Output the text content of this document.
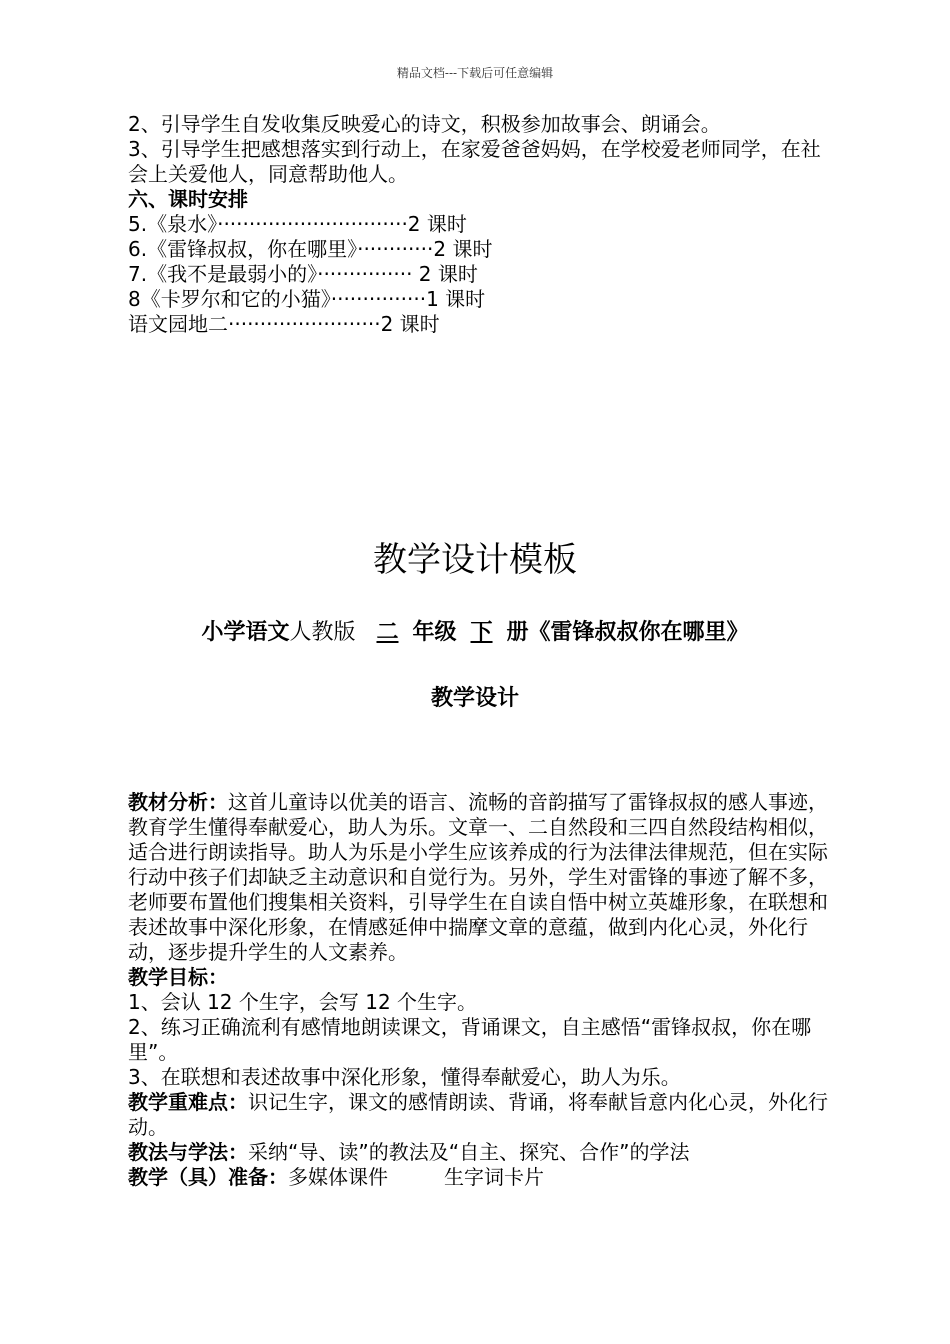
精品文档---下载后可任意编辑

2、引导学生自发收集反映爱心的诗文，积极参加故事会、朗诵会。

3、引导学生把感想落实到行动上，在家爱爸爸妈妈，在学校爱老师同学，在社会上关爱他人，同意帮助他人。

六、课时安排

5.《泉水》······························2 课时

6.《雷锋叔叔，你在哪里》············2 课时

7.《我不是最弱小的》··············· 2 课时

8《卡罗尔和它的小猫》···············1 课时

语文园地二························2 课时

教学设计模板
小学语文人教版 二 年级 下 册《雷锋叔叔你在哪里》
教学设计

教材分析：这首儿童诗以优美的语言、流畅的音韵描写了雷锋叔叔的感人事迹，教育学生懂得奉献爱心，助人为乐。文章一、二自然段和三四自然段结构相似，适合进行朗读指导。助人为乐是小学生应该养成的行为法律法律规范，但在实际行动中孩子们却缺乏主动意识和自觉行为。另外，学生对雷锋的事迹了解不多，老师要布置他们搜集相关资料，引导学生在自读自悟中树立英雄形象，在联想和表述故事中深化形象，在情感延伸中揣摩文章的意蕴，做到内化心灵，外化行动，逐步提升学生的人文素养。

教学目标：

1、会认 12 个生字，会写 12 个生字。

2、练习正确流利有感情地朗读课文，背诵课文，自主感悟“雷锋叔叔，你在哪里”。

3、在联想和表述故事中深化形象，懂得奉献爱心，助人为乐。

教学重难点：识记生字，课文的感情朗读、背诵，将奉献旨意内化心灵，外化行动。

教法与学法：采纳“导、读”的教法及“自主、探究、合作”的学法

教学（具）准备：多媒体课件	生字词卡片
